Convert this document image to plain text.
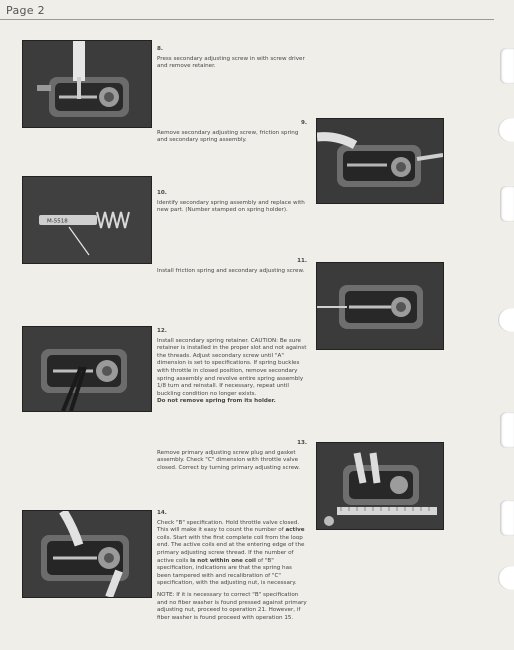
Page 2
8.

Press secondary adjusting screw in with screw driver and remove retainer.

9.

Remove secondary adjusting screw, friction spring and secondary spring assembly.

M-5518
10.

Identify secondary spring assembly and replace with new part. (Number stamped on spring holder).

11.

Install friction spring and secondary adjusting screw.

12.

Install secondary spring retainer. CAUTION: Be sure retainer is installed in the proper slot and not against the threads. Adjust secondary screw until "A" dimension is set to specifications. If spring buckles with throttle in closed position, remove secondary spring assembly and revolve entire spring assembly 1/8 turn and reinstall. If necessary, repeat until buckling condition no longer exists.

Do not remove spring from its holder.

13.

Remove primary adjusting screw plug and gasket assembly. Check "C" dimension with throttle valve closed. Correct by turning primary adjusting screw.

14.

Check "B" specification. Hold throttle valve closed. This will make it easy to count the number of active coils. Start with the first complete coil from the loop end. The active coils end at the entering edge of the primary adjusting screw thread. If the number of active coils is not within one coil of "B" specification, indications are that the spring has been tampered with and recalibration of "C" specification, with the adjusting nut, is necessary.

NOTE: If it is necessary to correct "B" specification and no fiber washer is found pressed against primary adjusting nut, proceed to operation 21. However, if fiber washer is found proceed with operation 15.
